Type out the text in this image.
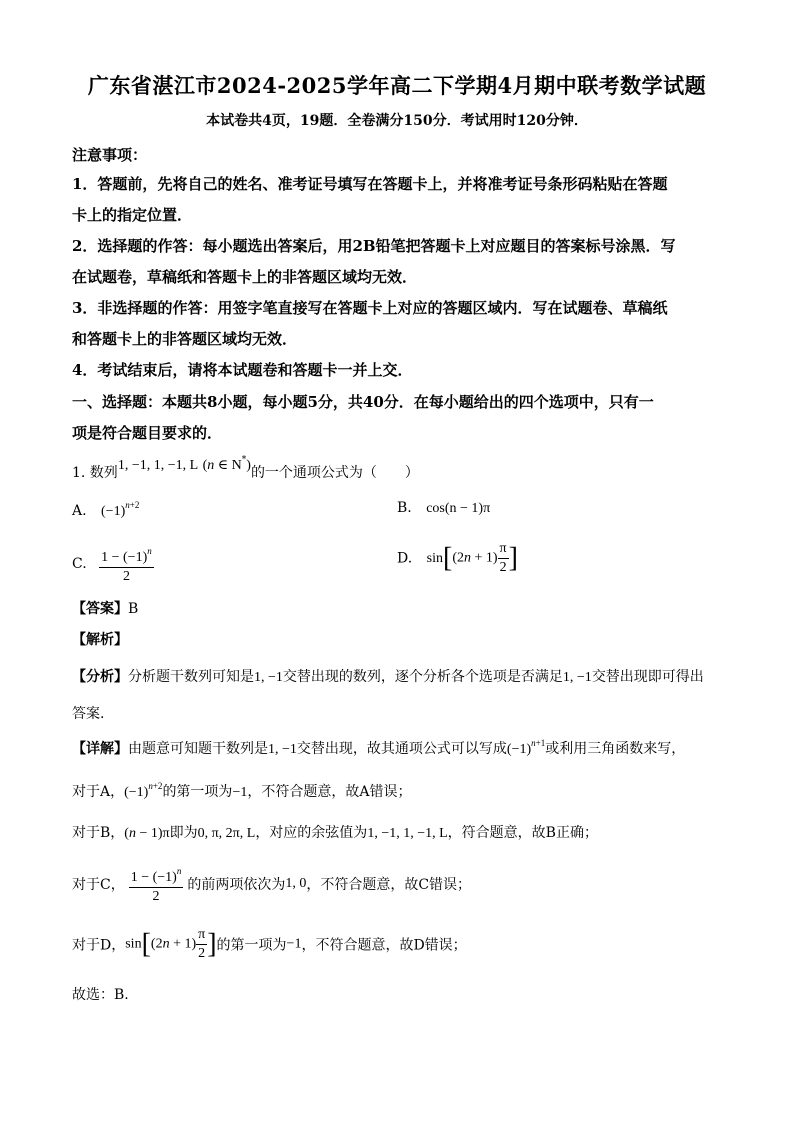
广东省湛江市2024-2025学年高二下学期4月期中联考数学试题
本试卷共4页，19题．全卷满分150分．考试用时120分钟．
注意事项：
1．答题前，先将自己的姓名、准考证号填写在答题卡上，并将准考证号条形码粘贴在答题
卡上的指定位置．
2．选择题的作答：每小题选出答案后，用2B铅笔把答题卡上对应题目的答案标号涂黑．写
在试题卷，草稿纸和答题卡上的非答题区域均无效．
3．非选择题的作答：用签字笔直接写在答题卡上对应的答题区域内．写在试题卷、草稿纸
和答题卡上的非答题区域均无效．
4．考试结束后，请将本试题卷和答题卡一并上交．
一、选择题：本题共8小题，每小题5分，共40分．在每小题给出的四个选项中，只有一
项是符合题目要求的．
1. 数列1, −1, 1, −1, L (n ∈ N*)的一个通项公式为（　　）
A. $(-1)^{n+2}$	B. cos(n − 1)π
C. $\frac{1 - (-1)^n}{2}$	D. $\sin[(2n + 1) \frac{\pi}{2}$ ]
【答案】B
【解析】
【分析】分析题干数列可知是1, −1交替出现的数列，逐个分析各个选项是否满足1, −1交替出现即可得出
答案.
【详解】由题意可知题干数列是1, −1交替出现，故其通项公式可以写成$(-1)^{n+1}$或利用三角函数来写，
对于A，$(-1)^{n+2}$的第一项为−1，不符合题意，故A错误；
对于B，(n − 1)π即为0, π, 2π, L，对应的余弦值为1, −1, 1, −1, L，符合题意，故B正确；
对于C， $\frac{1 - (-1)^n}{2}$ 的前两项依次为1, 0，不符合题意，故C错误；
对于D，$\sin[(2n + 1) \frac{\pi}{2}$ ]的第一项为−1，不符合题意，故D错误；
故选：B.
